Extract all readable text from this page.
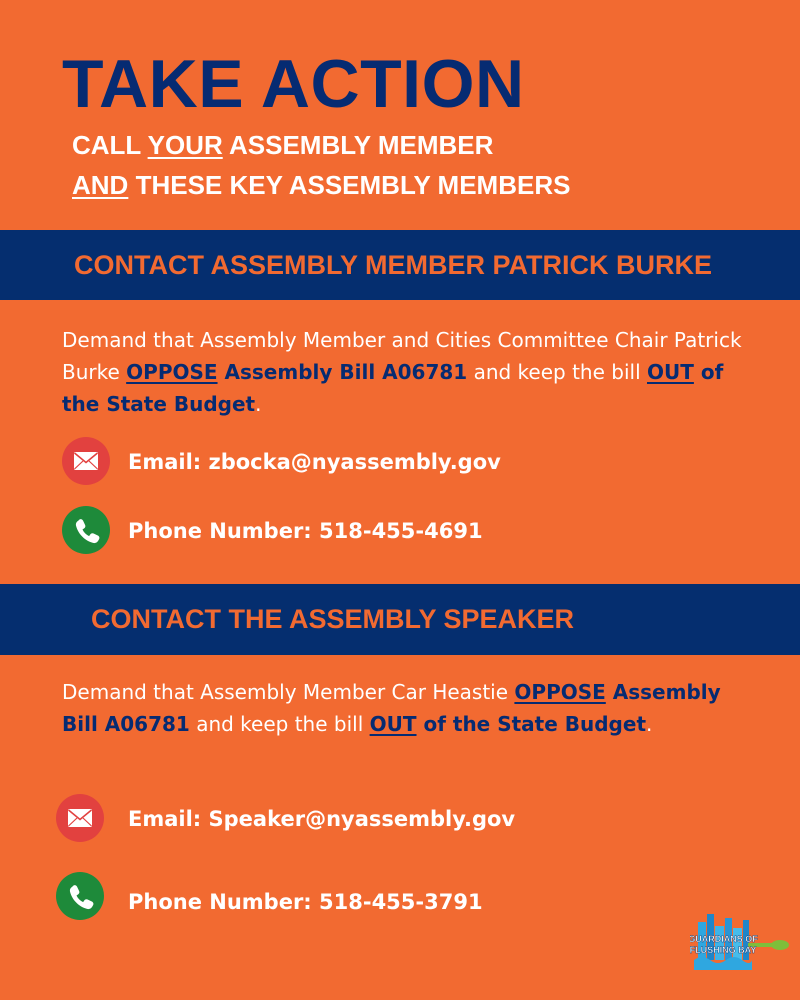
TAKE ACTION
CALL YOUR ASSEMBLY MEMBER
AND THESE KEY ASSEMBLY MEMBERS
CONTACT ASSEMBLY MEMBER PATRICK BURKE
Demand that Assembly Member and Cities Committee Chair Patrick Burke OPPOSE Assembly Bill A06781 and keep the bill OUT of the State Budget.
Email: zbocka@nyassembly.gov
Phone Number: 518-455-4691
CONTACT THE ASSEMBLY SPEAKER
Demand that Assembly Member Car Heastie OPPOSE Assembly Bill A06781 and keep the bill OUT of the State Budget.
Email: Speaker@nyassembly.gov
Phone Number: 518-455-3791
GUARDIANS OF
FLUSHING BAY
